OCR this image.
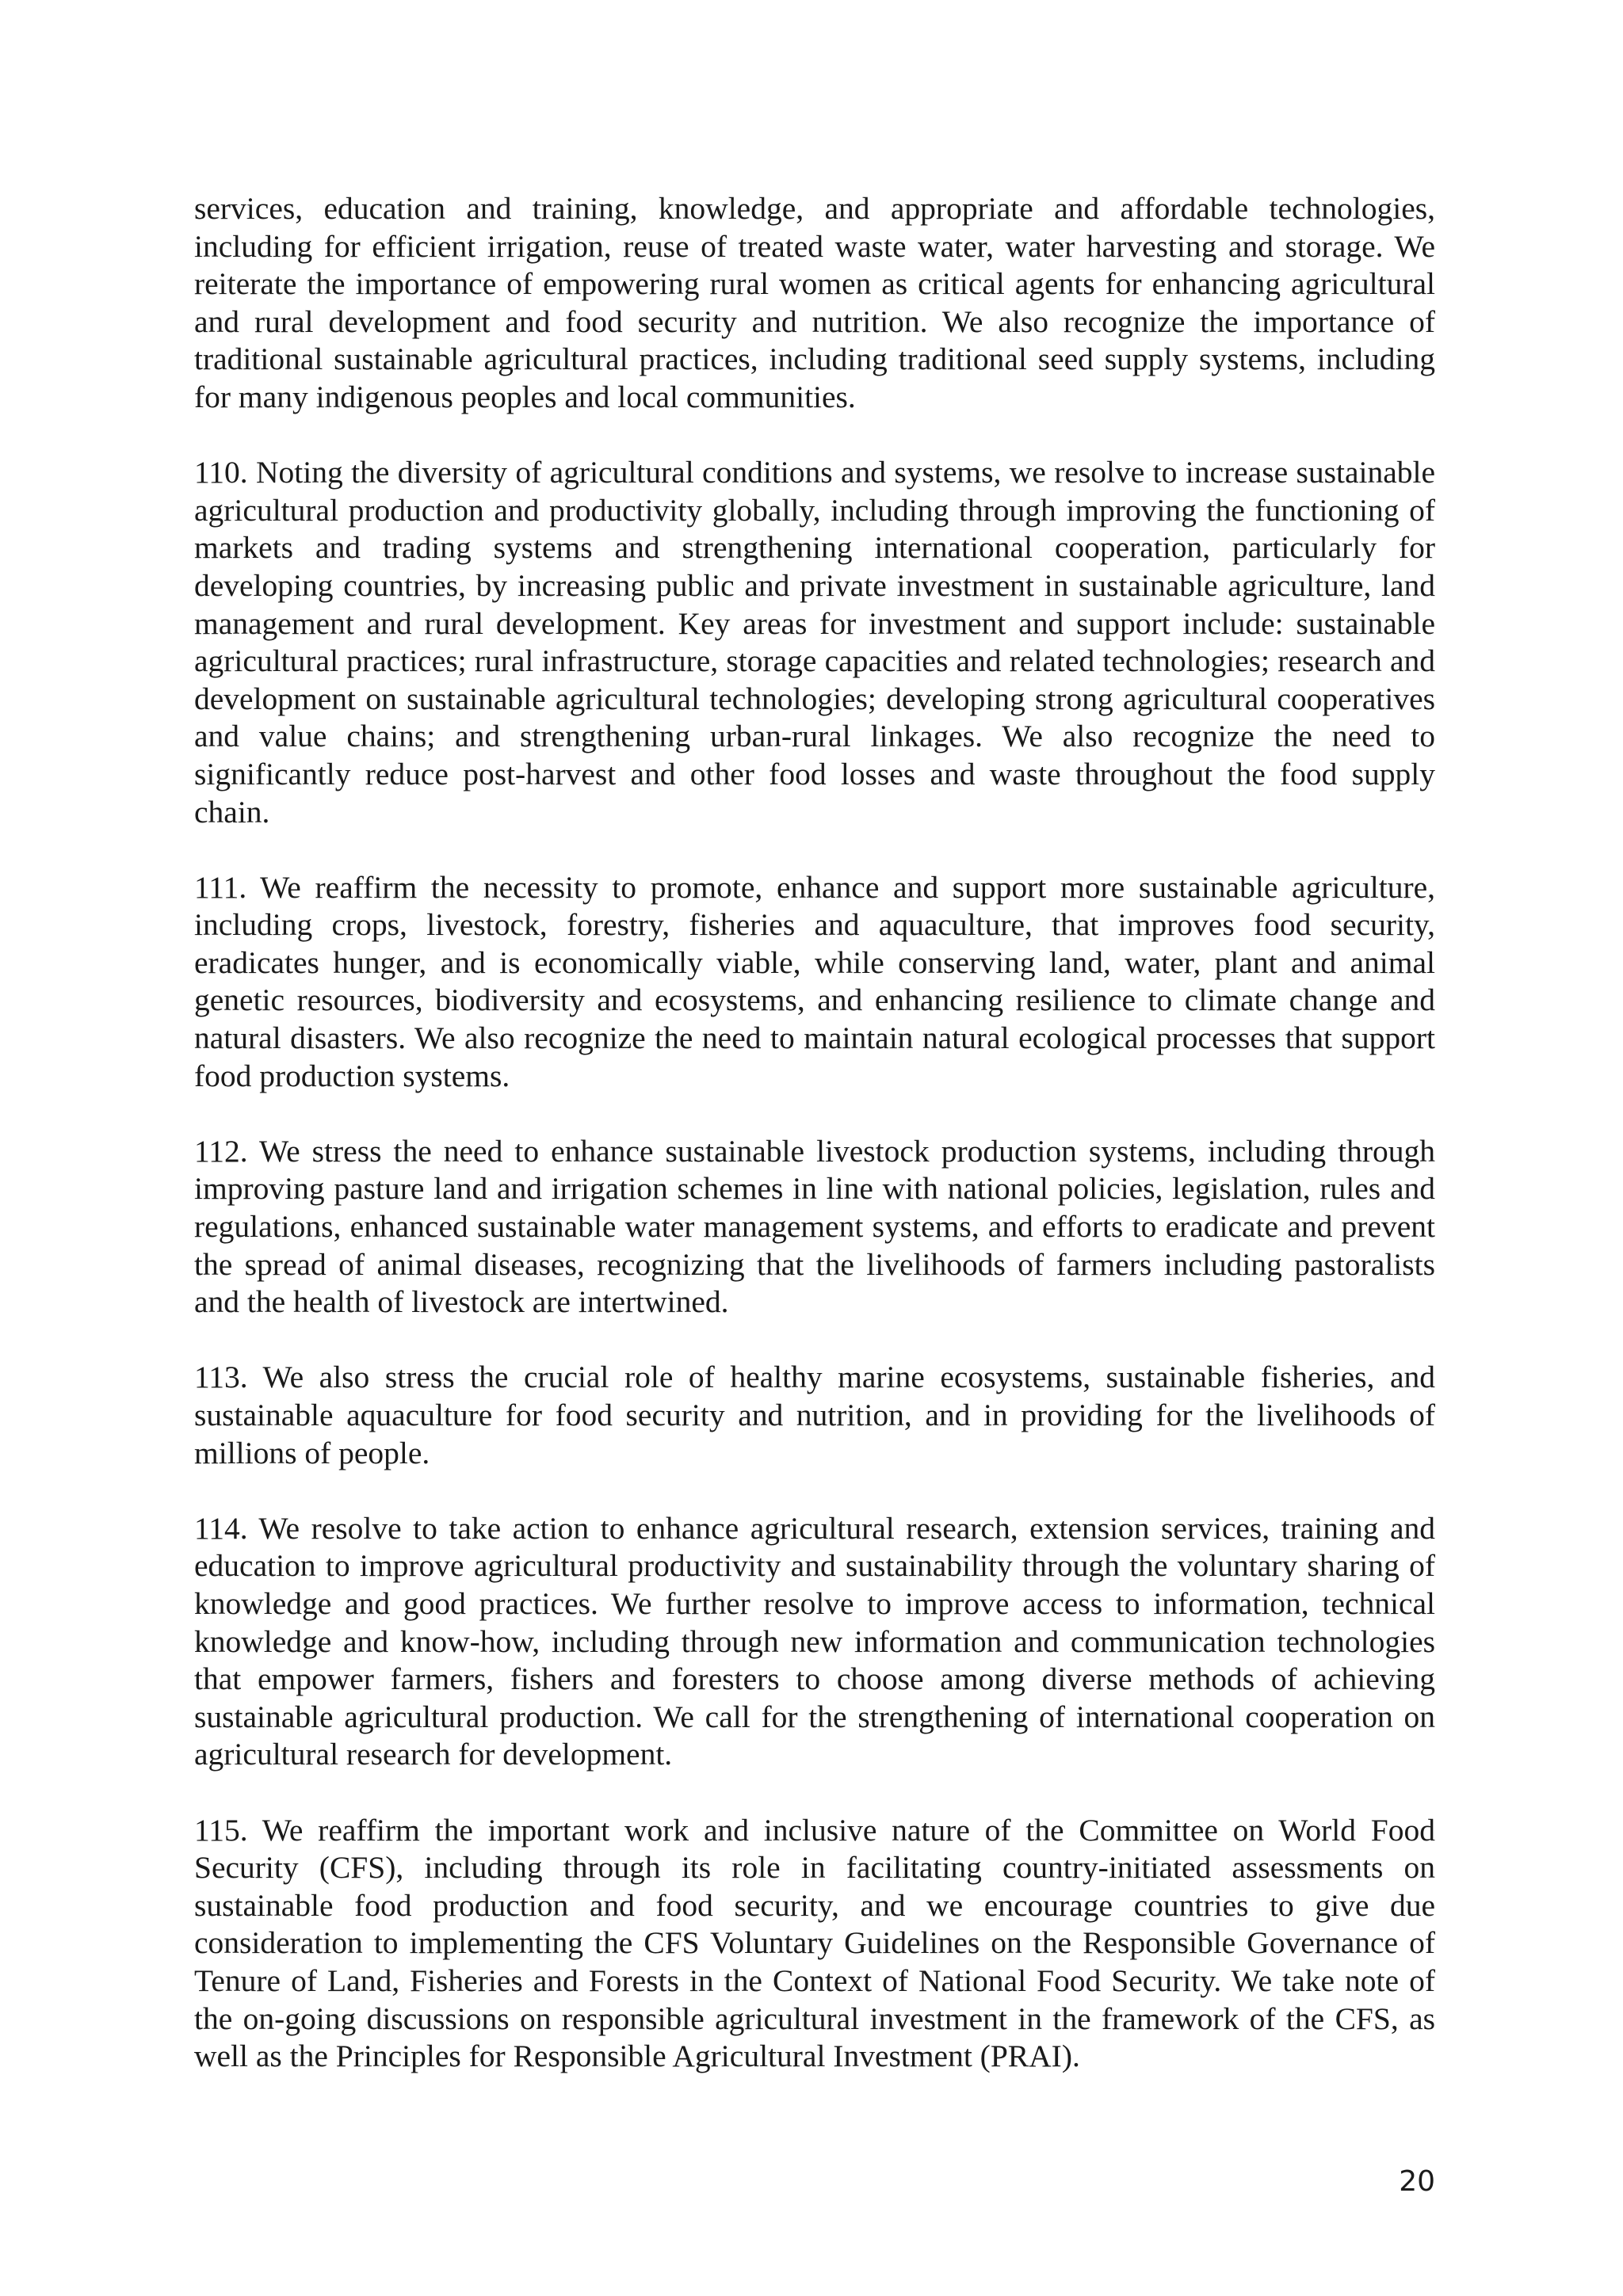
services, education and training, knowledge, and appropriate and affordable technologies, including for efficient irrigation, reuse of treated waste water, water harvesting and storage. We reiterate the importance of empowering rural women as critical agents for enhancing agricultural and rural development and food security and nutrition. We also recognize the importance of traditional sustainable agricultural practices, including traditional seed supply systems, including for many indigenous peoples and local communities.

110. Noting the diversity of agricultural conditions and systems, we resolve to increase sustainable agricultural production and productivity globally, including through improving the functioning of markets and trading systems and strengthening international cooperation, particularly for developing countries, by increasing public and private investment in sustainable agriculture, land management and rural development. Key areas for investment and support include: sustainable agricultural practices; rural infrastructure, storage capacities and related technologies; research and development on sustainable agricultural technologies; developing strong agricultural cooperatives and value chains; and strengthening urban-rural linkages. We also recognize the need to significantly reduce post-harvest and other food losses and waste throughout the food supply chain.

111. We reaffirm the necessity to promote, enhance and support more sustainable agriculture, including crops, livestock, forestry, fisheries and aquaculture, that improves food security, eradicates hunger, and is economically viable, while conserving land, water, plant and animal genetic resources, biodiversity and ecosystems, and enhancing resilience to climate change and natural disasters. We also recognize the need to maintain natural ecological processes that support food production systems.

112. We stress the need to enhance sustainable livestock production systems, including through improving pasture land and irrigation schemes in line with national policies, legislation, rules and regulations, enhanced sustainable water management systems, and efforts to eradicate and prevent the spread of animal diseases, recognizing that the livelihoods of farmers including pastoralists and the health of livestock are intertwined.

113. We also stress the crucial role of healthy marine ecosystems, sustainable fisheries, and sustainable aquaculture for food security and nutrition, and in providing for the livelihoods of millions of people.

114. We resolve to take action to enhance agricultural research, extension services, training and education to improve agricultural productivity and sustainability through the voluntary sharing of knowledge and good practices. We further resolve to improve access to information, technical knowledge and know-how, including through new information and communication technologies that empower farmers, fishers and foresters to choose among diverse methods of achieving sustainable agricultural production. We call for the strengthening of international cooperation on agricultural research for development.

115. We reaffirm the important work and inclusive nature of the Committee on World Food Security (CFS), including through its role in facilitating country-initiated assessments on sustainable food production and food security, and we encourage countries to give due consideration to implementing the CFS Voluntary Guidelines on the Responsible Governance of Tenure of Land, Fisheries and Forests in the Context of National Food Security. We take note of the on-going discussions on responsible agricultural investment in the framework of the CFS, as well as the Principles for Responsible Agricultural Investment (PRAI).

20
